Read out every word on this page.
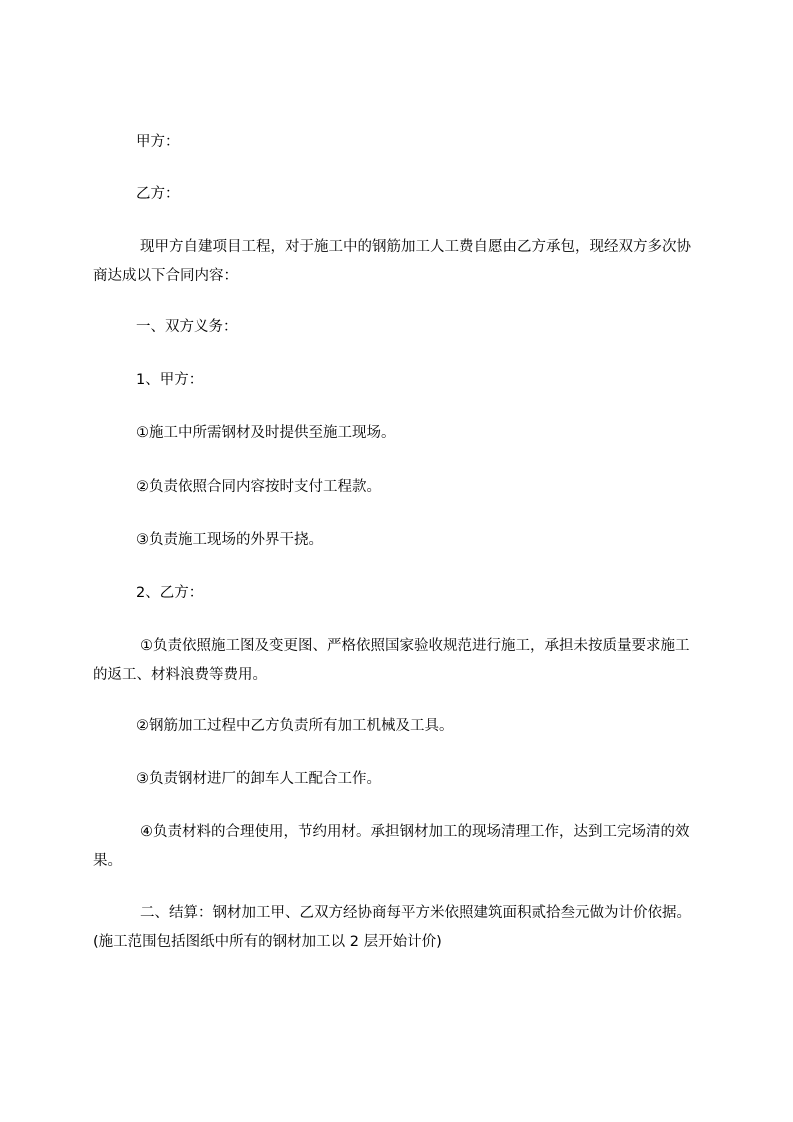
甲方：
乙方：
现甲方自建项目工程，对于施工中的钢筋加工人工费自愿由乙方承包，现经双方多次协商达成以下合同内容：
一、双方义务：
1、甲方：
①施工中所需钢材及时提供至施工现场。
②负责依照合同内容按时支付工程款。
③负责施工现场的外界干挠。
2、乙方：
①负责依照施工图及变更图、严格依照国家验收规范进行施工，承担未按质量要求施工的返工、材料浪费等费用。
②钢筋加工过程中乙方负责所有加工机械及工具。
③负责钢材进厂的卸车人工配合工作。
④负责材料的合理使用，节约用材。承担钢材加工的现场清理工作，达到工完场清的效果。
二、结算：钢材加工甲、乙双方经协商每平方米依照建筑面积贰拾叁元做为计价依据。(施工范围包括图纸中所有的钢材加工以 2 层开始计价)
